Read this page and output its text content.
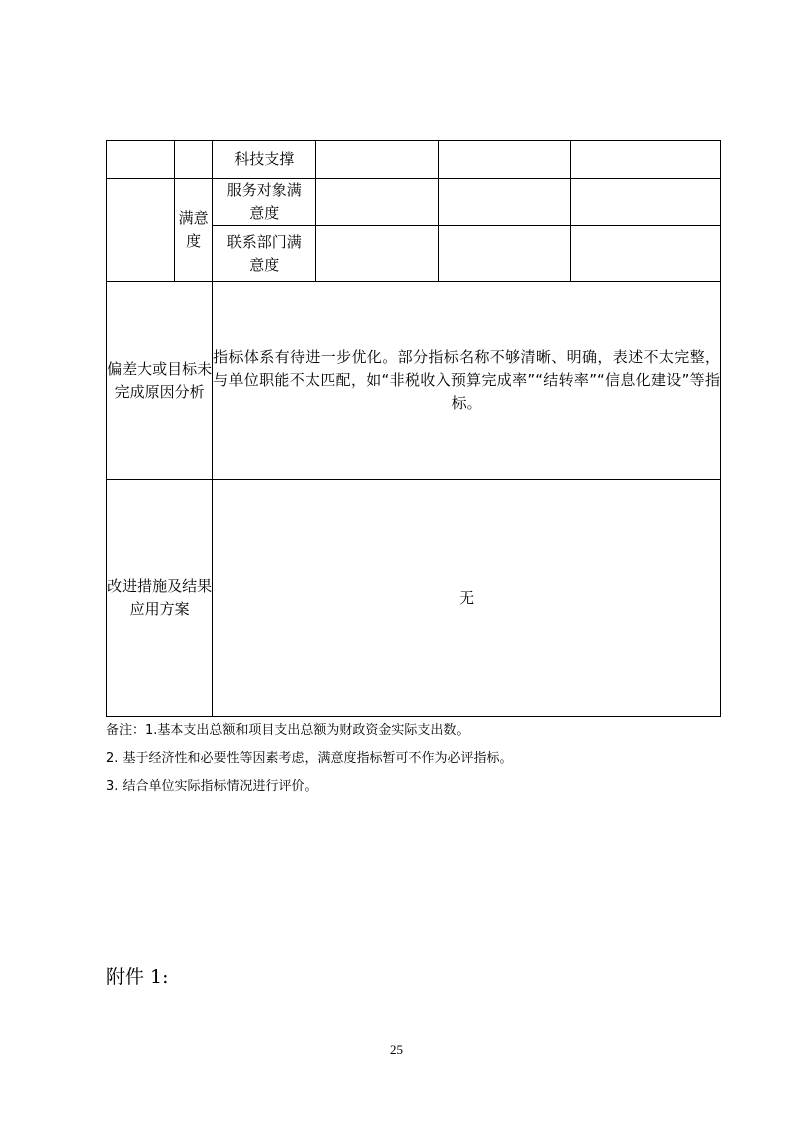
		科技支撑			
	满意度	服务对象满意度			
		联系部门满意度			
偏差大或目标未完成原因分析		指标体系有待进一步优化。部分指标名称不够清晰、明确，表述不太完整，与单位职能不太匹配，如“非税收入预算完成率”“结转率”“信息化建设”等指标。			

改进措施及结果应用方案		无			
备注：1.基本支出总额和项目支出总额为财政资金实际支出数。
2. 基于经济性和必要性等因素考虑，满意度指标暂可不作为必评指标。
3. 结合单位实际指标情况进行评价。
附件 1:
25
